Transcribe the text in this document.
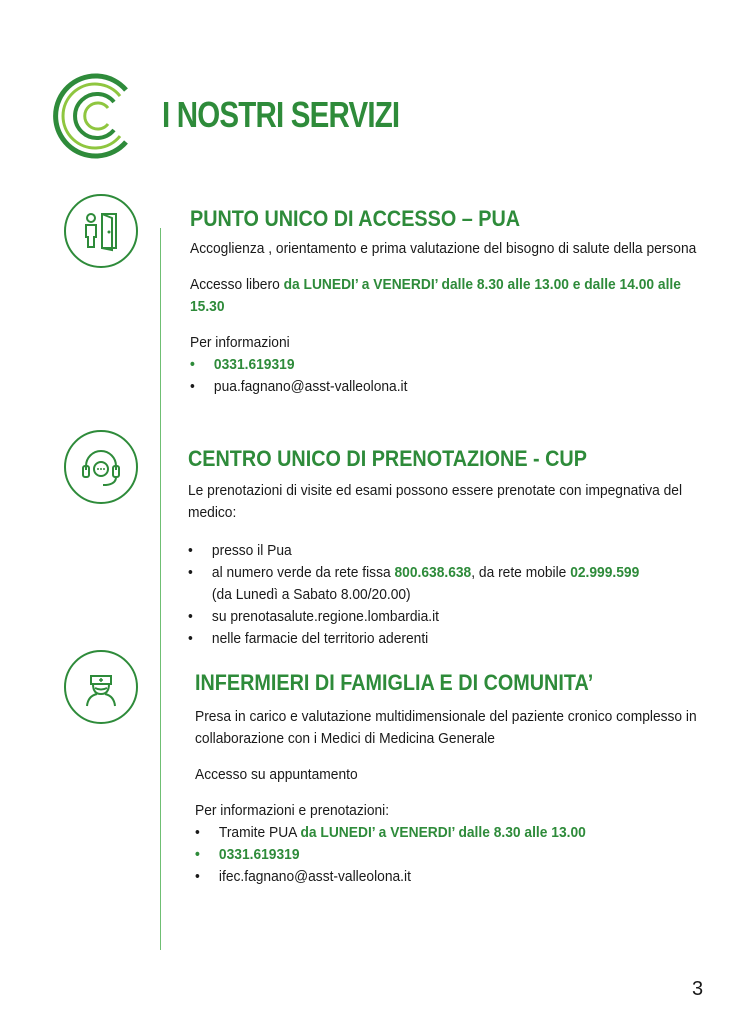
I NOSTRI SERVIZI
PUNTO UNICO DI ACCESSO – PUA

Accoglienza , orientamento e prima valutazione del bisogno di salute della persona

Accesso libero da LUNEDI’ a VENERDI’ dalle 8.30 alle 13.00 e dalle 14.00 alle 15.30

Per informazioni

• 0331.619319
• pua.fagnano@asst-valleolona.it
CENTRO UNICO DI PRENOTAZIONE - CUP

Le prenotazioni di visite ed esami possono essere prenotate con impegnativa del medico:

• presso il Pua
• al numero verde da rete fissa 800.638.638, da rete mobile 02.999.599
(da Lunedì a Sabato 8.00/20.00)
• su prenotasalute.regione.lombardia.it
• nelle farmacie del territorio aderenti
INFERMIERI DI FAMIGLIA E DI COMUNITA’

Presa in carico e valutazione multidimensionale del paziente cronico complesso in collaborazione con i Medici di Medicina Generale

Accesso su appuntamento

Per informazioni e prenotazioni:

• Tramite PUA da LUNEDI’ a VENERDI’ dalle 8.30 alle 13.00
• 0331.619319
• ifec.fagnano@asst-valleolona.it
3
